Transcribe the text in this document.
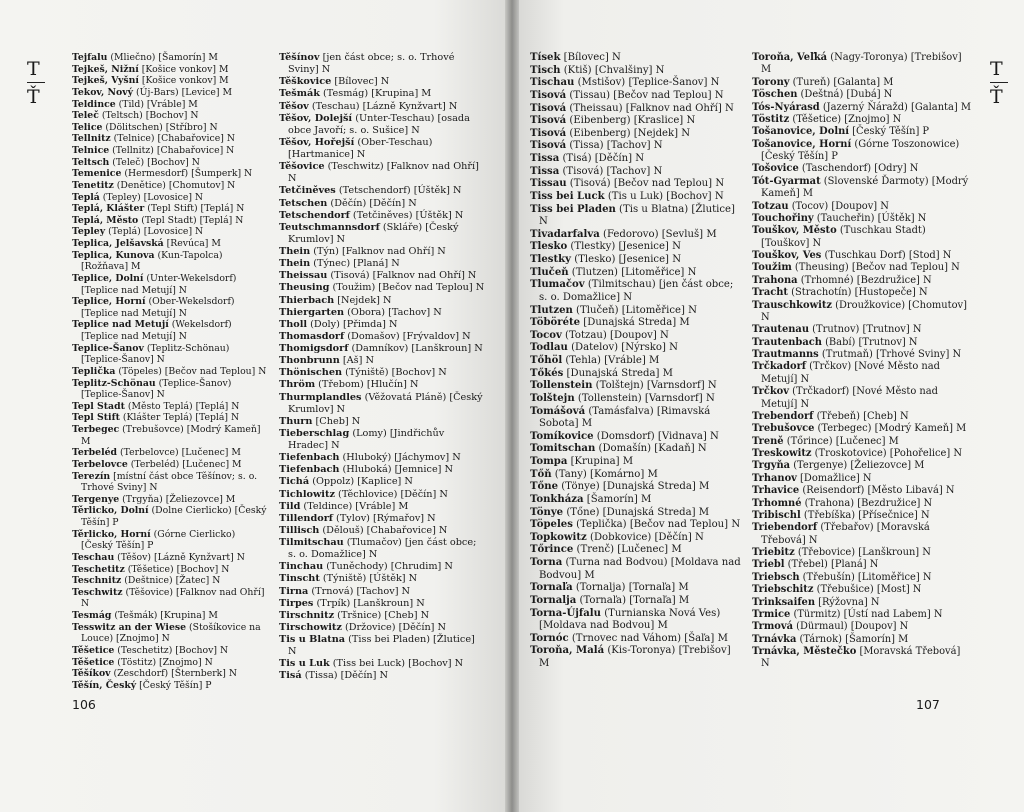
T
Ť
Tejfalu (Mliečno) [Šamorín] M
Tejkeš, Nižní [Košice vonkov] M
Tejkeš, Vyšní [Košice vonkov] M
Tekov, Nový (Új-Bars) [Levice] M
Teldince (Tild) [Vráble] M
Teleč (Teltsch) [Bochov] N
Telice (Dölitschen) [Stříbro] N
Tellnitz (Telnice) [Chabařovice] N
Telnice (Tellnitz) [Chabařovice] N
Teltsch (Teleč) [Bochov] N
Temenice (Hermesdorf) [Šumperk] N
Tenetitz (Denětice) [Chomutov] N
Teplá (Tepley) [Lovosice] N
Teplá, Klášter (Tepl Stift) [Teplá] N
Teplá, Město (Tepl Stadt) [Teplá] N
Tepley (Teplá) [Lovosice] N
Teplica, Jelšavská [Revúca] M
Teplica, Kunova (Kun-Tapolca) [Rožňava] M
Teplice, Dolní (Unter-Wekelsdorf) [Teplice nad Metují] N
Teplice, Horní (Ober-Wekelsdorf) [Teplice nad Metují] N
Teplice nad Metují (Wekelsdorf) [Teplice nad Metují] N
Teplice-Šanov (Teplitz-Schönau) [Teplice-Šanov] N
Teplička (Töpeles) [Bečov nad Teplou] N
Teplitz-Schönau (Teplice-Šanov) [Teplice-Šanov] N
Tepl Stadt (Město Teplá) [Teplá] N
Tepl Stift (Klášter Teplá) [Teplá] N
Terbegec (Trebušovce) [Modrý Kameň] M
Terbeléd (Terbelovce) [Lučenec] M
Terbelovce (Terbeléd) [Lučenec] M
Terezín [místní část obce Těšínov; s. o. Trhové Sviny] N
Tergenye (Trgyňa) [Želiezovce] M
Těrlicko, Dolní (Dolne Cierlicko) [Český Těšín] P
Těrlicko, Horní (Górne Cierlicko) [Český Těšín] P
Teschau (Těšov) [Lázně Kynžvart] N
Teschetitz (Těšetice) [Bochov] N
Teschnitz (Deštnice) [Žatec] N
Teschwitz (Těšovice) [Falknov nad Ohří] N
Tesmág (Tešmák) [Krupina] M
Tesswitz an der Wiese (Stošíkovice na Louce) [Znojmo] N
Těšetice (Teschetitz) [Bochov] N
Těšetice (Töstitz) [Znojmo] N
Těšíkov (Zeschdorf) [Šternberk] N
Těšín, Český [Český Těšín] P
Těšínov [jen část obce; s. o. Trhové Sviny] N
Těškovice [Bílovec] N
Tešmák (Tesmág) [Krupina] M
Těšov (Teschau) [Lázně Kynžvart] N
Těšov, Dolejší (Unter-Teschau) [osada obce Javoří; s. o. Sušice] N
Těšov, Hořejší (Ober-Teschau) [Hartmanice] N
Těšovice (Teschwitz) [Falknov nad Ohří] N
Tetčiněves (Tetschendorf) [Úštěk] N
Tetschen (Děčín) [Děčín] N
Tetschendorf (Tetčiněves) [Úštěk] N
Teutschmannsdorf (Skláře) [Český Krumlov] N
Thein (Týn) [Falknov nad Ohří] N
Thein (Týnec) [Planá] N
Theissau (Tisová) [Falknov nad Ohří] N
Theusing (Toužim) [Bečov nad Teplou] N
Thierbach [Nejdek] N
Thiergarten (Obora) [Tachov] N
Tholl (Doly) [Přimda] N
Thomasdorf (Domašov) [Frývaldov] N
Thomigsdorf (Damníkov) [Lanškroun] N
Thonbrunn [Aš] N
Thönischen (Týniště) [Bochov] N
Thröm (Třebom) [Hlučín] N
Thurmplandles (Věžovatá Pláně) [Český Krumlov] N
Thurn [Cheb] N
Tieberschlag (Lomy) [Jindřichův Hradec] N
Tiefenbach (Hluboký) [Jáchymov] N
Tiefenbach (Hluboká) [Jemnice] N
Tichá (Oppolz) [Kaplice] N
Tichlowitz (Těchlovice) [Děčín] N
Tild (Teldince) [Vráble] M
Tillendorf (Tylov) [Rýmařov] N
Tillisch (Dělouš) [Chabařovice] N
Tilmitschau (Tlumačov) [jen část obce; s. o. Domažlice] N
Tinchau (Tuněchody) [Chrudim] N
Tinscht (Týniště) [Úštěk] N
Tirna (Trnová) [Tachov] N
Tirpes (Trpík) [Lanškroun] N
Tirschnitz (Tršnice) [Cheb] N
Tirschowitz (Držovice) [Děčín] N
Tis u Blatna (Tiss bei Pladen) [Žlutice] N
Tis u Luk (Tiss bei Luck) [Bochov] N
Tisá (Tissa) [Děčín] N
106
Tísek [Bílovec] N
Tisch (Ktiš) [Chvalšiny] N
Tischau (Mstišov) [Teplice-Šanov] N
Tisová (Tissau) [Bečov nad Teplou] N
Tisová (Theissau) [Falknov nad Ohří] N
Tisová (Eibenberg) [Kraslice] N
Tisová (Eibenberg) [Nejdek] N
Tisová (Tissa) [Tachov] N
Tissa (Tisá) [Děčín] N
Tissa (Tisová) [Tachov] N
Tissau (Tisová) [Bečov nad Teplou] N
Tiss bei Luck (Tis u Luk) [Bochov] N
Tiss bei Pladen (Tis u Blatna) [Žlutice] N
Tivadarfalva (Fedorovo) [Sevluš] M
Tlesko (Tlestky) [Jesenice] N
Tlestky (Tlesko) [Jesenice] N
Tlučeň (Tlutzen) [Litoměřice] N
Tlumačov (Tilmitschau) [jen část obce; s. o. Domažlice] N
Tlutzen (Tlučeň) [Litoměřice] N
Töböréte [Dunajská Streda] M
Tocov (Totzau) [Doupov] N
Todlau (Datelov) [Nýrsko] N
Tőhöl (Tehla) [Vráble] M
Tőkés [Dunajská Streda] M
Tollenstein (Tolštejn) [Varnsdorf] N
Tolštejn (Tollenstein) [Varnsdorf] N
Tomášová (Tamásfalva) [Rimavská Sobota] M
Tomíkovice (Domsdorf) [Vidnava] N
Tomitschan (Domašín) [Kadaň] N
Tompa [Krupina] M
Tőň (Tany) [Komárno] M
Tőne (Tönye) [Dunajská Streda] M
Tonkháza [Šamorín] M
Tönye (Tőne) [Dunajská Streda] M
Töpeles (Teplička) [Bečov nad Teplou] N
Topkowitz (Dobkovice) [Děčín] N
Tőrince (Trenč) [Lučenec] M
Torna (Turna nad Bodvou) [Moldava nad Bodvou] M
Tornaľa (Tornalja) [Tornaľa] M
Tornalja (Tornaľa) [Tornaľa] M
Torna-Újfalu (Turnianska Nová Ves) [Moldava nad Bodvou] M
Tornóc (Trnovec nad Váhom) [Šaľa] M
Toroňa, Malá (Kis-Toronya) [Trebišov] M
Toroňa, Veľká (Nagy-Toronya) [Trebišov] M
Torony (Tureň) [Galanta] M
Töschen (Deštná) [Dubá] N
Tós-Nyárasd (Jazerný Ňáražd) [Galanta] M
Töstitz (Těšetice) [Znojmo] N
Tošanovice, Dolní [Český Těšín] P
Tošanovice, Horní (Górne Toszonowice) [Český Těšín] P
Tošovice (Taschendorf) [Odry] N
Tót-Gyarmat (Slovenské Ďarmoty) [Modrý Kameň] M
Totzau (Tocov) [Doupov] N
Touchořiny (Taucheřin) [Úštěk] N
Touškov, Město (Tuschkau Stadt) [Touškov] N
Touškov, Ves (Tuschkau Dorf) [Stod] N
Toužim (Theusing) [Bečov nad Teplou] N
Trahona (Trhomné) [Bezdružice] N
Tracht (Strachotín) [Hustopeče] N
Trauschkowitz (Droužkovice) [Chomutov] N
Trautenau (Trutnov) [Trutnov] N
Trautenbach (Babí) [Trutnov] N
Trautmanns (Trutmaň) [Trhové Sviny] N
Trčkadorf (Trčkov) [Nové Město nad Metují] N
Trčkov (Trčkadorf) [Nové Město nad Metují] N
Trebendorf (Třebeň) [Cheb] N
Trebušovce (Terbegec) [Modrý Kameň] M
Treně (Tőrince) [Lučenec] M
Treskowitz (Troskotovice) [Pohořelice] N
Trgyňa (Tergenye) [Želiezovce] M
Trhanov [Domažlice] N
Trhavice (Reisendorf) [Město Libavá] N
Trhomné (Trahona) [Bezdružice] N
Tribischl (Třebíška) [Přísečnice] N
Triebendorf (Třebařov) [Moravská Třebová] N
Triebitz (Třebovice) [Lanškroun] N
Triebl (Třebel) [Planá] N
Triebsch (Třebušín) [Litoměřice] N
Triebschitz (Třebušice) [Most] N
Trinksaifen [Rýžovna] N
Trmice (Türmitz) [Ústí nad Labem] N
Trmová (Dürmaul) [Doupov] N
Trnávka (Tárnok) [Šamorín] M
Trnávka, Městečko [Moravská Třebová] N
107
T
Ť
